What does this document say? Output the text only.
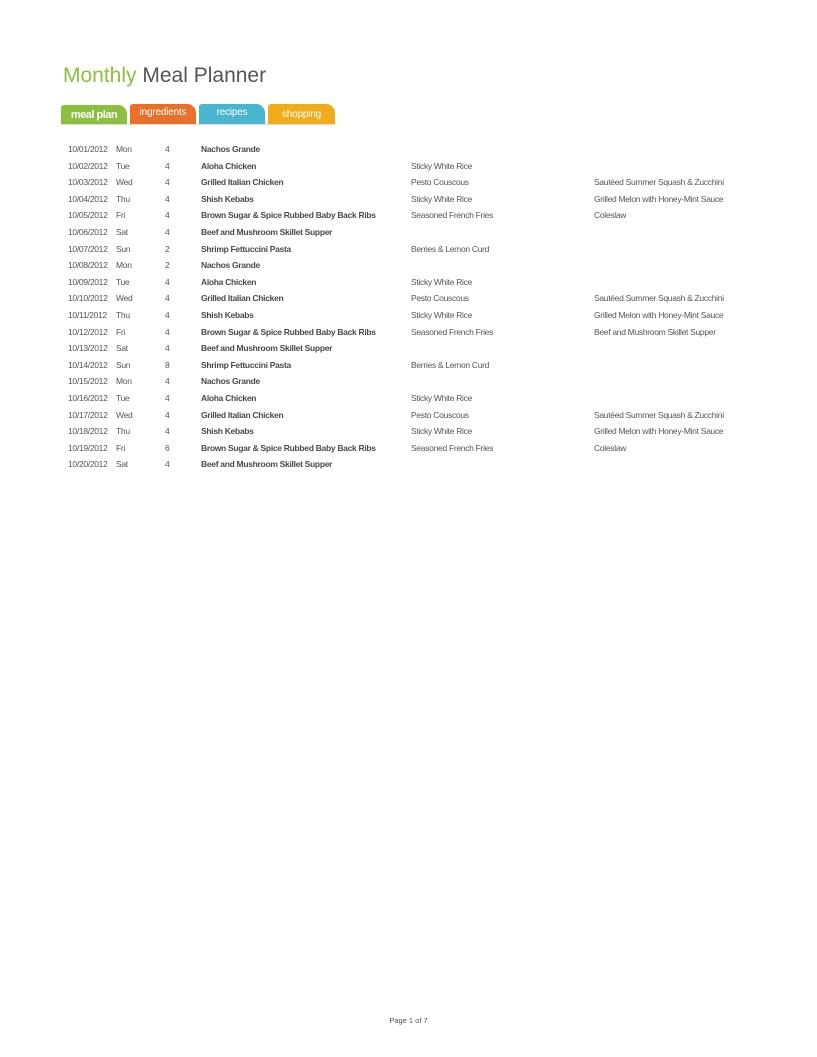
Monthly Meal Planner
meal plan	ingredients	recipes	shopping
10/01/2012 Mon	4	Nachos Grande
10/02/2012 Tue	4	Aloha Chicken	Sticky White Rice
10/03/2012 Wed	4	Grilled Italian Chicken	Pesto Couscous	Sautéed Summer Squash & Zucchini
10/04/2012 Thu	4	Shish Kebabs	Sticky White Rice	Grilled Melon with Honey-Mint Sauce
10/05/2012 Fri	4	Brown Sugar & Spice Rubbed Baby Back Ribs	Seasoned French Fries	Coleslaw
10/06/2012 Sat	4	Beef and Mushroom Skillet Supper
10/07/2012 Sun	2	Shrimp Fettuccini Pasta	Berries & Lemon Curd
10/08/2012 Mon	2	Nachos Grande
10/09/2012 Tue	4	Aloha Chicken	Sticky White Rice
10/10/2012 Wed	4	Grilled Italian Chicken	Pesto Couscous	Sautéed Summer Squash & Zucchini
10/11/2012 Thu	4	Shish Kebabs	Sticky White Rice	Grilled Melon with Honey-Mint Sauce
10/12/2012 Fri	4	Brown Sugar & Spice Rubbed Baby Back Ribs	Seasoned French Fries	Beef and Mushroom Skillet Supper
10/13/2012 Sat	4	Beef and Mushroom Skillet Supper
10/14/2012 Sun	8	Shrimp Fettuccini Pasta	Berries & Lemon Curd
10/15/2012 Mon	4	Nachos Grande
10/16/2012 Tue	4	Aloha Chicken	Sticky White Rice
10/17/2012 Wed	4	Grilled Italian Chicken	Pesto Couscous	Sautéed Summer Squash & Zucchini
10/18/2012 Thu	4	Shish Kebabs	Sticky White Rice	Grilled Melon with Honey-Mint Sauce
10/19/2012 Fri	6	Brown Sugar & Spice Rubbed Baby Back Ribs	Seasoned French Fries	Coleslaw
10/20/2012 Sat	4	Beef and Mushroom Skillet Supper
Page 1 of 7
